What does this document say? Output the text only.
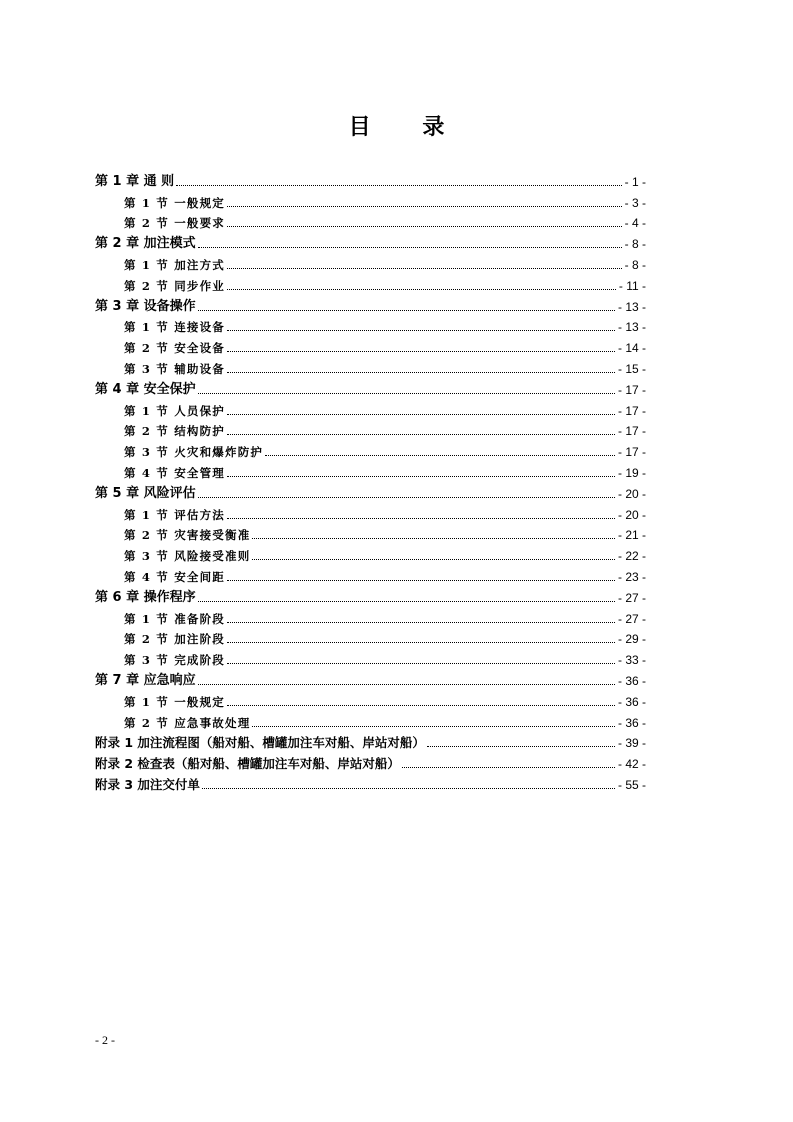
目 录
第 1 章 通 则	- 1 -
第 1 节 一般规定	- 3 -
第 2 节 一般要求	- 4 -
第 2 章 加注模式	- 8 -
第 1 节 加注方式	- 8 -
第 2 节 同步作业	- 11 -
第 3 章 设备操作	- 13 -
第 1 节 连接设备	- 13 -
第 2 节 安全设备	- 14 -
第 3 节 辅助设备	- 15 -
第 4 章 安全保护	- 17 -
第 1 节 人员保护	- 17 -
第 2 节 结构防护	- 17 -
第 3 节 火灾和爆炸防护	- 17 -
第 4 节 安全管理	- 19 -
第 5 章 风险评估	- 20 -
第 1 节 评估方法	- 20 -
第 2 节 灾害接受衡准	- 21 -
第 3 节 风险接受准则	- 22 -
第 4 节 安全间距	- 23 -
第 6 章 操作程序	- 27 -
第 1 节 准备阶段	- 27 -
第 2 节 加注阶段	- 29 -
第 3 节 完成阶段	- 33 -
第 7 章 应急响应	- 36 -
第 1 节 一般规定	- 36 -
第 2 节 应急事故处理	- 36 -
附录 1 加注流程图（船对船、槽罐加注车对船、岸站对船）	- 39 -
附录 2 检查表（船对船、槽罐加注车对船、岸站对船）	- 42 -
附录 3 加注交付单	- 55 -
- 2 -
